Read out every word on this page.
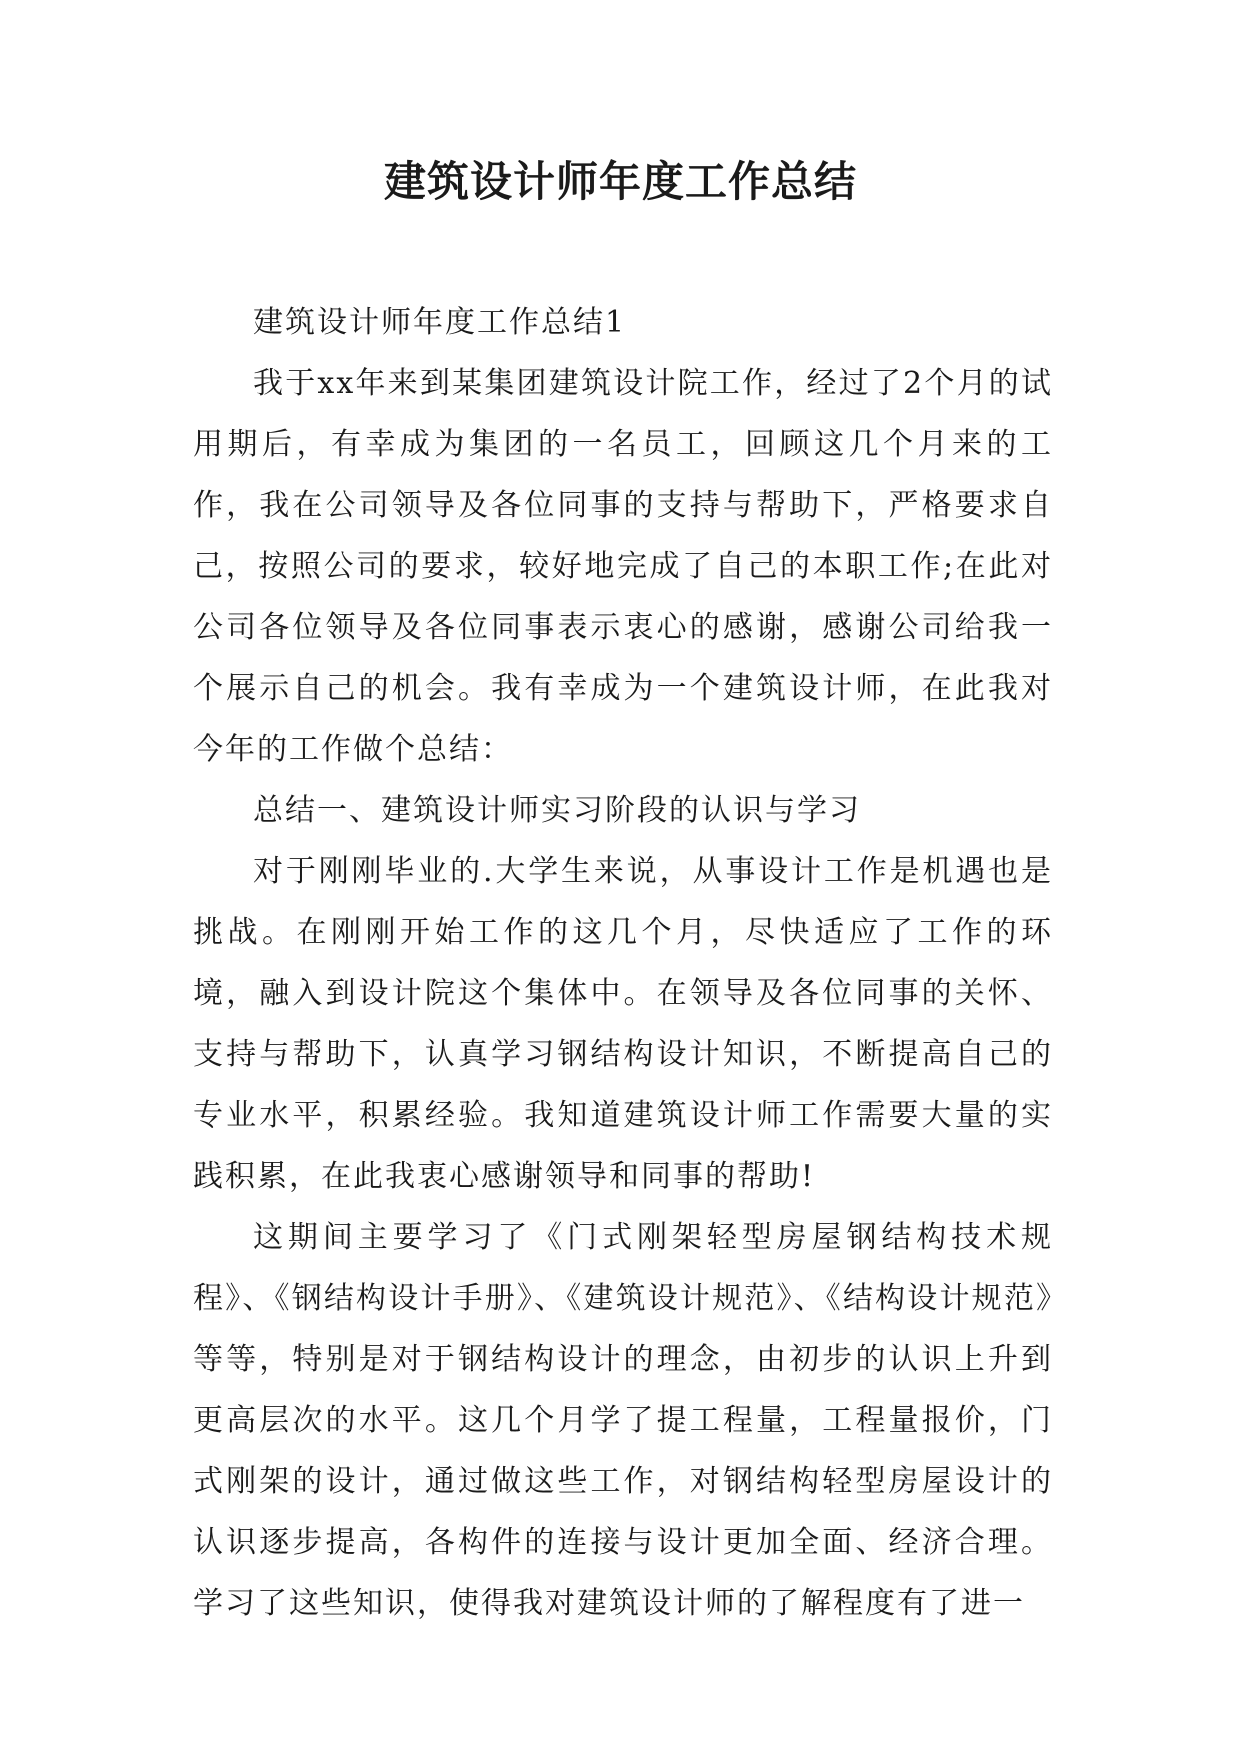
建筑设计师年度工作总结

建筑设计师年度工作总结1

我于xx年来到某集团建筑设计院工作，经过了2个月的试用期后，有幸成为集团的一名员工，回顾这几个月来的工作，我在公司领导及各位同事的支持与帮助下，严格要求自己，按照公司的要求，较好地完成了自己的本职工作;在此对公司各位领导及各位同事表示衷心的感谢，感谢公司给我一个展示自己的机会。我有幸成为一个建筑设计师，在此我对今年的工作做个总结：

总结一、建筑设计师实习阶段的认识与学习

对于刚刚毕业的.大学生来说，从事设计工作是机遇也是挑战。在刚刚开始工作的这几个月，尽快适应了工作的环境，融入到设计院这个集体中。在领导及各位同事的关怀、支持与帮助下，认真学习钢结构设计知识，不断提高自己的专业水平，积累经验。我知道建筑设计师工作需要大量的实践积累，在此我衷心感谢领导和同事的帮助!

这期间主要学习了《门式刚架轻型房屋钢结构技术规程》、《钢结构设计手册》、《建筑设计规范》、《结构设计规范》等等，特别是对于钢结构设计的理念，由初步的认识上升到更高层次的水平。这几个月学了提工程量，工程量报价，门式刚架的设计，通过做这些工作，对钢结构轻型房屋设计的认识逐步提高，各构件的连接与设计更加全面、经济合理。学习了这些知识，使得我对建筑设计师的了解程度有了进一
